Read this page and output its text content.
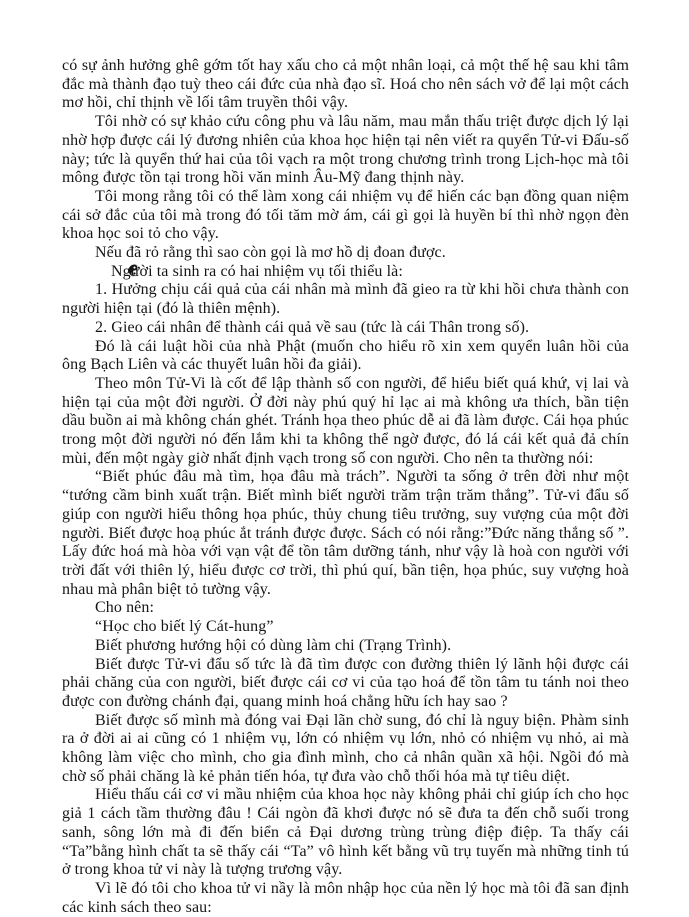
có sự ảnh hưởng ghê gớm tốt hay xấu cho cả một nhân loại, cả một thế hệ sau khi tâm đắc mà thành đạo tuỳ theo cái đức của nhà đạo sĩ. Hoá cho nên sách vở để lại một cách mơ hồi, chỉ thịnh về lối tâm truyền thôi vậy.

Tôi nhờ có sự khảo cứu công phu và lâu năm, mau mắn thấu triệt được dịch lý lại nhờ hợp được cái lý đương nhiên của khoa học hiện tại nên viết ra quyển Tử-vi Đấu-số này; tức là quyển thứ hai của tôi vạch ra một trong chương trình trong Lịch-học mà tôi mông được tồn tại trong hồi văn minh Âu-Mỹ đang thịnh này.

Tôi mong rằng tôi có thể làm xong cái nhiệm vụ để hiến các bạn đồng quan niệm cái sở đắc của tôi mà trong đó tối tăm mờ ám, cái gì gọi là huyền bí thì nhờ ngọn đèn khoa học soi tỏ cho vậy.

Nếu đã rỏ rằng thì sao còn gọi là mơ hồ dị đoan được.

Người ta sinh ra có hai nhiệm vụ tối thiểu là:

1. Hưởng chịu cái quả của cái nhân mà mình đã gieo ra từ khi hồi chưa thành con người hiện tại (đó là thiên mệnh).

2. Gieo cái nhân để thành cái quả về sau (tức là cái Thân trong số).

Đó là cái luật hồi của nhà Phật (muốn cho hiểu rõ xin xem quyển luân hồi của ông Bạch Liên và các thuyết luân hồi đa giải).

Theo môn Tử-Vi là cốt để lập thành số con người, để hiểu biết quá khứ, vị lai và hiện tại của một đời người. Ở đời này phú quý hỉ lạc ai mà không ưa thích, bần tiện dầu buồn ai mà không chán ghét. Tránh họa theo phúc dễ ai đã làm được. Cái họa phúc trong một đời người nó đến lắm khi ta không thể ngờ được, đó lá cái kết quả đả chín mùi, đến một ngày giờ nhất định vạch trong số con người. Cho nên ta thường nói:

“Biết phúc đâu mà tìm, họa đâu mà trách”. Người ta sống ở trên đời như một “tướng cầm binh xuất trận. Biết mình biết người trăm trận trăm thắng”. Tử-vi đẩu số giúp con người hiểu thông họa phúc, thủy chung tiêu trưởng, suy vượng của một đời người. Biết được hoạ phúc ắt tránh được được. Sách có nói rằng:”Đức năng thắng số ”. Lấy đức hoá mà hòa với vạn vật để tồn tâm dưỡng tánh, như vậy là hoà con người với trời đất với thiên lý, hiểu được cơ trời, thì phú quí, bần tiện, họa phúc, suy vượng hoà nhau mà phân biệt tỏ tường vậy.

Cho nên:

“Học cho biết lý Cát-hung”

Biết phương hướng hội có dùng làm chi (Trạng Trình).

Biết được Tử-vi đẩu số tức là đã tìm được con đường thiên lý lãnh hội được cái phải chăng của con người, biết được cái cơ vi của tạo hoá để tồn tâm tu tánh noi theo được con đường chánh đại, quang minh hoá chẳng hữu ích hay sao ?

Biết được số mình mà đóng vai Đại lãn chờ sung, đó chỉ là nguy biện. Phàm sinh ra ở đời ai ai cũng có 1 nhiệm vụ, lớn có nhiệm vụ lớn, nhỏ có nhiệm vụ nhỏ, ai mà không làm việc cho mình, cho gia đình mình, cho cả nhân quần xã hội. Ngồi đó mà chờ số phải chăng là kẻ phản tiến hóa, tự đưa vào chỗ thối hóa mà tự tiêu diệt.

Hiểu thấu cái cơ vi mầu nhiệm của khoa học này không phải chỉ giúp ích cho học giả 1 cách tầm thường đâu ! Cái ngòn đã khơi được nó sẽ đưa ta đến chỗ suối trong sanh, sông lớn mà đi đến biển cả Đại dương trùng trùng điệp điệp. Ta thấy cái “Ta”bằng hình chất ta sẽ thấy cái “Ta” vô hình kết bằng vũ trụ tuyến mà những tinh tú ở trong khoa tử vi này là tượng trương vậy.

Vì lẽ đó tôi cho khoa tử vi nầy là môn nhập học của nền lý học mà tôi đã san định các kinh sách theo sau:
